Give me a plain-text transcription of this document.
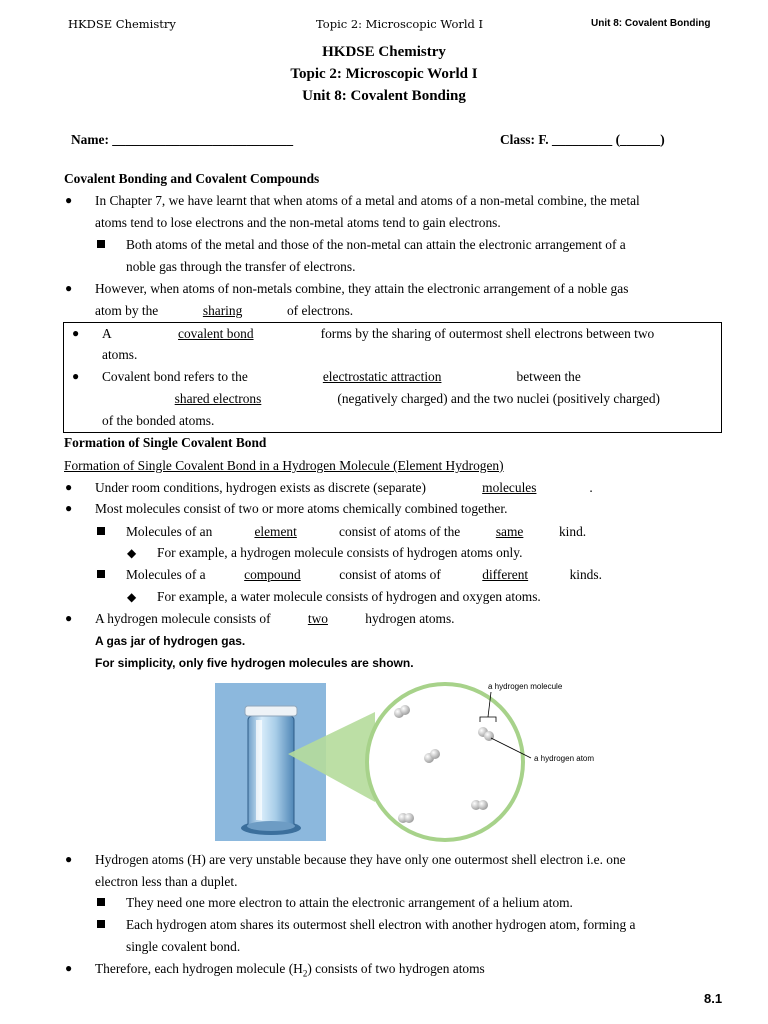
HKDSE Chemistry	Topic 2: Microscopic World I	Unit 8: Covalent Bonding
HKDSE Chemistry
Topic 2: Microscopic World I
Unit 8: Covalent Bonding
Name: ___________________________	Class: F. _________ (______)
Covalent Bonding and Covalent Compounds
● In Chapter 7, we have learnt that when atoms of a metal and atoms of a non-metal combine, the metal
atoms tend to lose electrons and the non-metal atoms tend to gain electrons.
Both atoms of the metal and those of the non-metal can attain the electronic arrangement of a
noble gas through the transfer of electrons.
● However, when atoms of non-metals combine, they attain the electronic arrangement of a noble gas
atom by the	sharing	of electrons.
● A	covalent bond	forms by the sharing of outermost shell electrons between two
atoms.
● Covalent bond refers to the	electrostatic attraction	between the
shared electrons	(negatively charged) and the two nuclei (positively charged)
of the bonded atoms.
Formation of Single Covalent Bond
Formation of Single Covalent Bond in a Hydrogen Molecule (Element Hydrogen)
● Under room conditions, hydrogen exists as discrete (separate)	molecules	.
● Most molecules consist of two or more atoms chemically combined together.
Molecules of an	element	consist of atoms of the	same	kind.
◆ For example, a hydrogen molecule consists of hydrogen atoms only.
Molecules of a	compound	consist of atoms of	different	kinds.
◆ For example, a water molecule consists of hydrogen and oxygen atoms.
● A hydrogen molecule consists of	two	hydrogen atoms.
A gas jar of hydrogen gas.
For simplicity, only five hydrogen molecules are shown.
a hydrogen molecule
a hydrogen atom
● Hydrogen atoms (H) are very unstable because they have only one outermost shell electron i.e. one
electron less than a duplet.
They need one more electron to attain the electronic arrangement of a helium atom.
Each hydrogen atom shares its outermost shell electron with another hydrogen atom, forming a
single covalent bond.
● Therefore, each hydrogen molecule $(H_2)$ consists of two hydrogen atoms
8.1
